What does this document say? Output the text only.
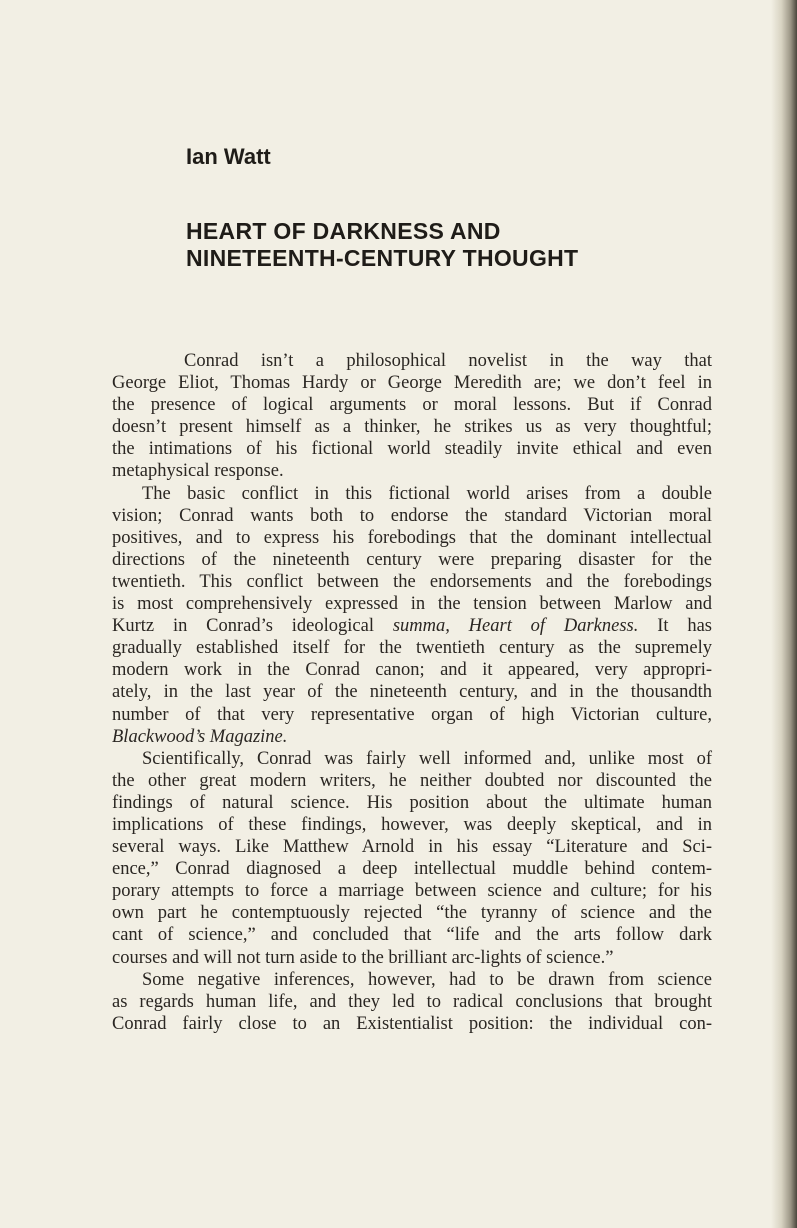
Ian Watt
HEART OF DARKNESS AND
NINETEENTH-CENTURY THOUGHT

Conrad isn’t a philosophical novelist in the way that
George Eliot, Thomas Hardy or George Meredith are; we don’t feel in
the presence of logical arguments or moral lessons. But if Conrad
doesn’t present himself as a thinker, he strikes us as very thoughtful;
the intimations of his fictional world steadily invite ethical and even
metaphysical response.

The basic conflict in this fictional world arises from a double
vision; Conrad wants both to endorse the standard Victorian moral
positives, and to express his forebodings that the dominant intellectual
directions of the nineteenth century were preparing disaster for the
twentieth. This conflict between the endorsements and the forebodings
is most comprehensively expressed in the tension between Marlow and
Kurtz in Conrad’s ideological summa, Heart of Darkness. It has
gradually established itself for the twentieth century as the supremely
modern work in the Conrad canon; and it appeared, very appropri-
ately, in the last year of the nineteenth century, and in the thousandth
number of that very representative organ of high Victorian culture,
Blackwood’s Magazine.

Scientifically, Conrad was fairly well informed and, unlike most of
the other great modern writers, he neither doubted nor discounted the
findings of natural science. His position about the ultimate human
implications of these findings, however, was deeply skeptical, and in
several ways. Like Matthew Arnold in his essay “Literature and Sci-
ence,” Conrad diagnosed a deep intellectual muddle behind contem-
porary attempts to force a marriage between science and culture; for his
own part he contemptuously rejected “the tyranny of science and the
cant of science,” and concluded that “life and the arts follow dark
courses and will not turn aside to the brilliant arc-lights of science.”

Some negative inferences, however, had to be drawn from science
as regards human life, and they led to radical conclusions that brought
Conrad fairly close to an Existentialist position: the individual con-
